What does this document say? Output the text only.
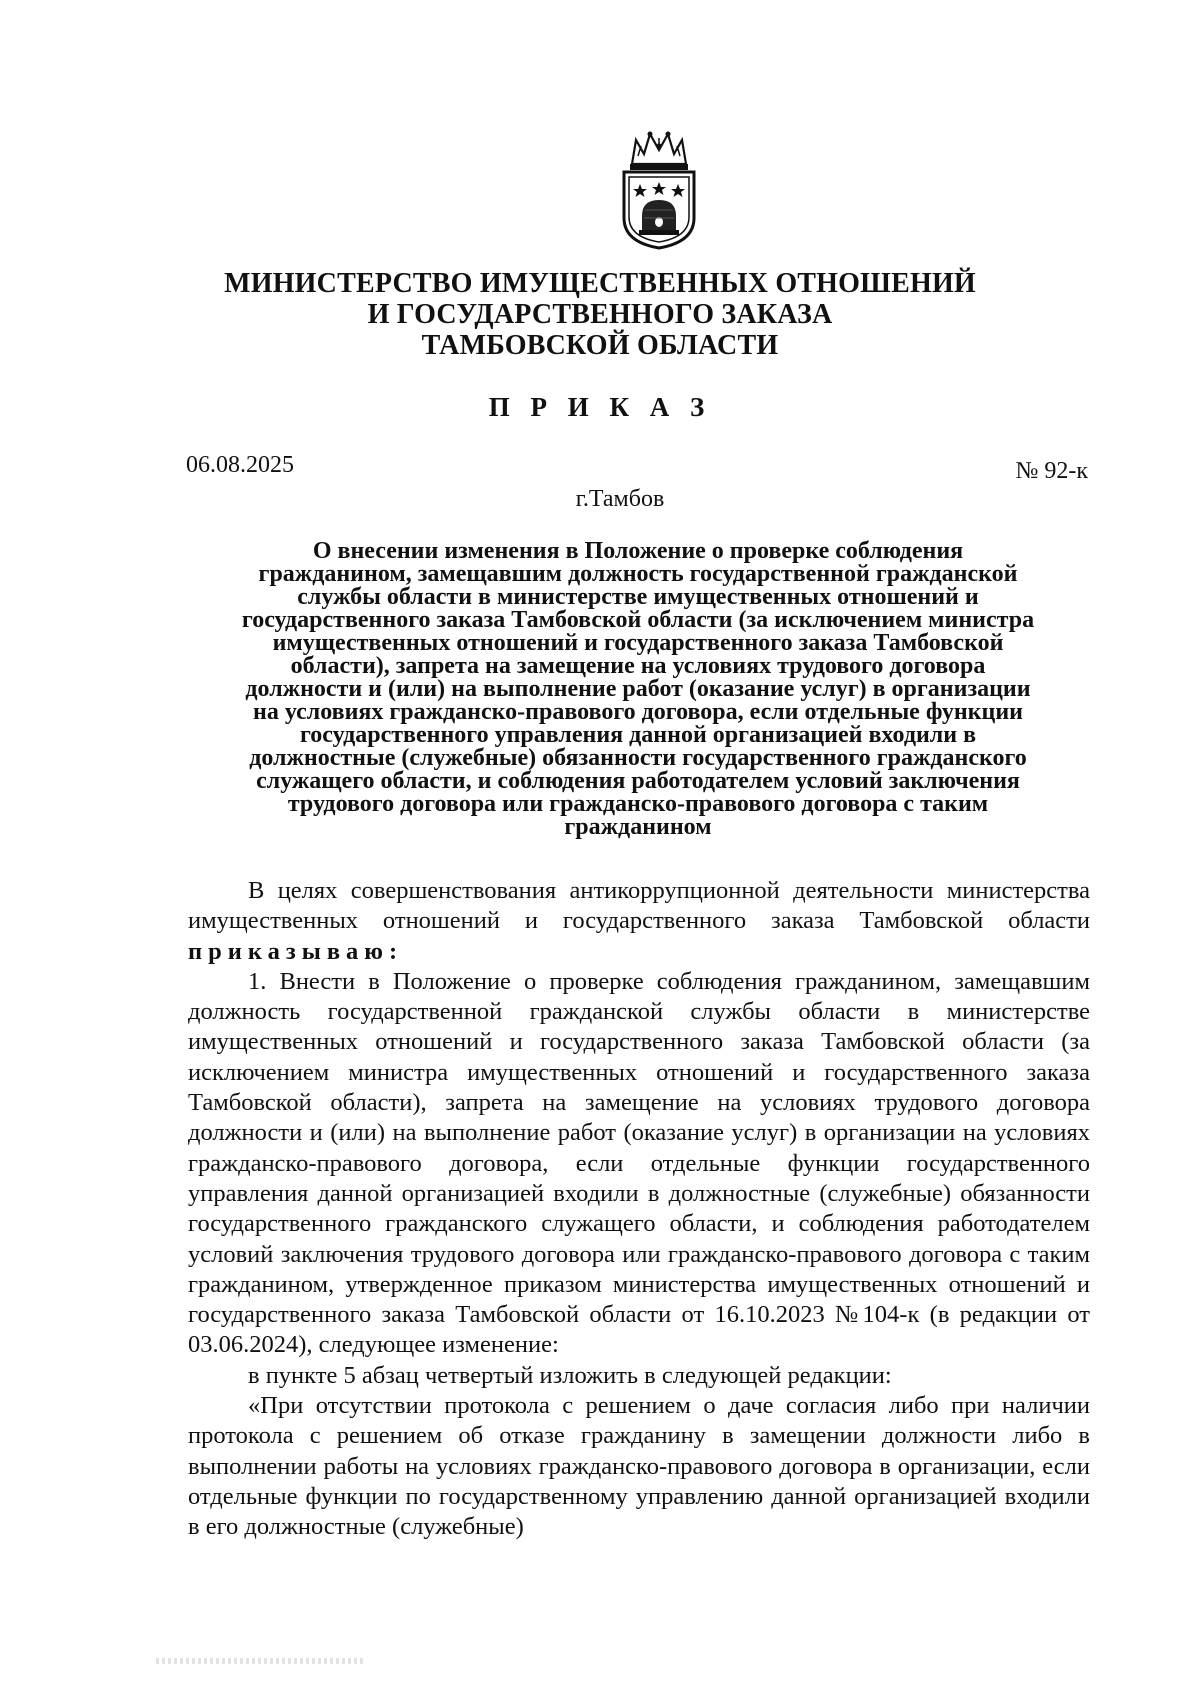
МИНИСТЕРСТВО ИМУЩЕСТВЕННЫХ ОТНОШЕНИЙ
И ГОСУДАРСТВЕННОГО ЗАКАЗА
ТАМБОВСКОЙ ОБЛАСТИ
П Р И К А З
06.08.2025	№ 92-к
г.Тамбов
О внесении изменения в Положение о проверке соблюдения
гражданином, замещавшим должность государственной гражданской
службы области в министерстве имущественных отношений и
государственного заказа Тамбовской области (за исключением министра
имущественных отношений и государственного заказа Тамбовской
области), запрета на замещение на условиях трудового договора
должности и (или) на выполнение работ (оказание услуг) в организации
на условиях гражданско-правового договора, если отдельные функции
государственного управления данной организацией входили в
должностные (служебные) обязанности государственного гражданского
служащего области, и соблюдения работодателем условий заключения
трудового договора или гражданско-правового договора с таким
гражданином

В целях совершенствования антикоррупционной деятельности министерства имущественных отношений и государственного заказа Тамбовской области приказываю:

1. Внести в Положение о проверке соблюдения гражданином, замещавшим должность государственной гражданской службы области в министерстве имущественных отношений и государственного заказа Тамбовской области (за исключением министра имущественных отношений и государственного заказа Тамбовской области), запрета на замещение на условиях трудового договора должности и (или) на выполнение работ (оказание услуг) в организации на условиях гражданско-правового договора, если отдельные функции государственного управления данной организацией входили в должностные (служебные) обязанности государственного гражданского служащего области, и соблюдения работодателем условий заключения трудового договора или гражданско-правового договора с таким гражданином, утвержденное приказом министерства имущественных отношений и государственного заказа Тамбовской области от 16.10.2023 №104-к (в редакции от 03.06.2024), следующее изменение:

в пункте 5 абзац четвертый изложить в следующей редакции:

«При отсутствии протокола с решением о даче согласия либо при наличии протокола с решением об отказе гражданину в замещении должности либо в выполнении работы на условиях гражданско-правового договора в организации, если отдельные функции по государственному управлению данной организацией входили в его должностные (служебные)
